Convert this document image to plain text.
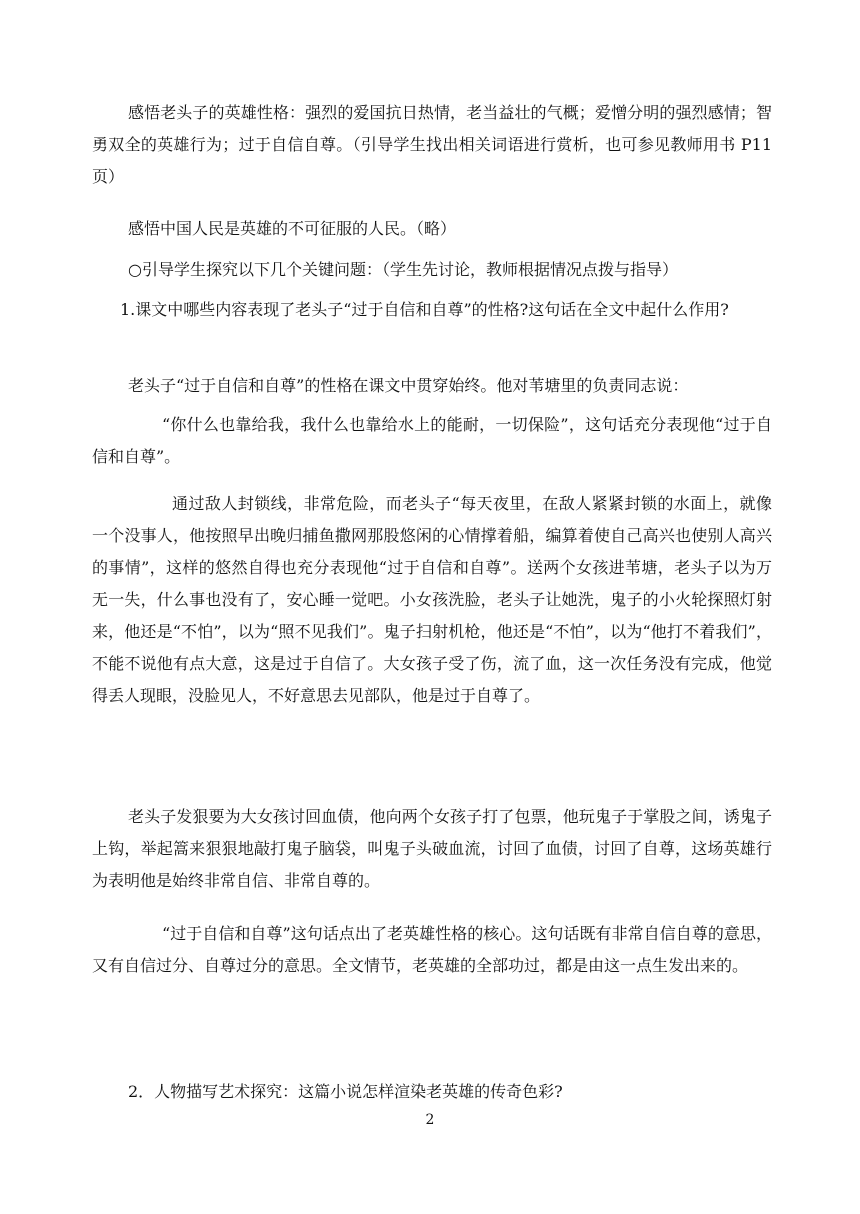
感悟老头子的英雄性格：强烈的爱国抗日热情，老当益壮的气概；爱憎分明的强烈感情；智勇双全的英雄行为；过于自信自尊。（引导学生找出相关词语进行赏析，也可参见教师用书 P11 页）

感悟中国人民是英雄的不可征服的人民。（略）

○引导学生探究以下几个关键问题：（学生先讨论，教师根据情况点拨与指导）

1.课文中哪些内容表现了老头子“过于自信和自尊”的性格?这句话在全文中起什么作用?

老头子“过于自信和自尊”的性格在课文中贯穿始终。他对苇塘里的负责同志说：

“你什么也靠给我，我什么也靠给水上的能耐，一切保险”，这句话充分表现他“过于自信和自尊”。

通过敌人封锁线，非常危险，而老头子“每天夜里，在敌人紧紧封锁的水面上，就像一个没事人，他按照早出晚归捕鱼撒网那股悠闲的心情撑着船，编算着使自己高兴也使别人高兴的事情”，这样的悠然自得也充分表现他“过于自信和自尊”。送两个女孩进苇塘，老头子以为万无一失，什么事也没有了，安心睡一觉吧。小女孩洗脸，老头子让她洗，鬼子的小火轮探照灯射来，他还是“不怕”，以为“照不见我们”。鬼子扫射机枪，他还是“不怕”，以为“他打不着我们”，不能不说他有点大意，这是过于自信了。大女孩子受了伤，流了血，这一次任务没有完成，他觉得丢人现眼，没脸见人，不好意思去见部队，他是过于自尊了。

老头子发狠要为大女孩讨回血债，他向两个女孩子打了包票，他玩鬼子于掌股之间，诱鬼子上钩，举起篙来狠狠地敲打鬼子脑袋，叫鬼子头破血流，讨回了血债，讨回了自尊，这场英雄行为表明他是始终非常自信、非常自尊的。

“过于自信和自尊”这句话点出了老英雄性格的核心。这句话既有非常自信自尊的意思，又有自信过分、自尊过分的意思。全文情节，老英雄的全部功过，都是由这一点生发出来的。

2．人物描写艺术探究：这篇小说怎样渲染老英雄的传奇色彩?

2
